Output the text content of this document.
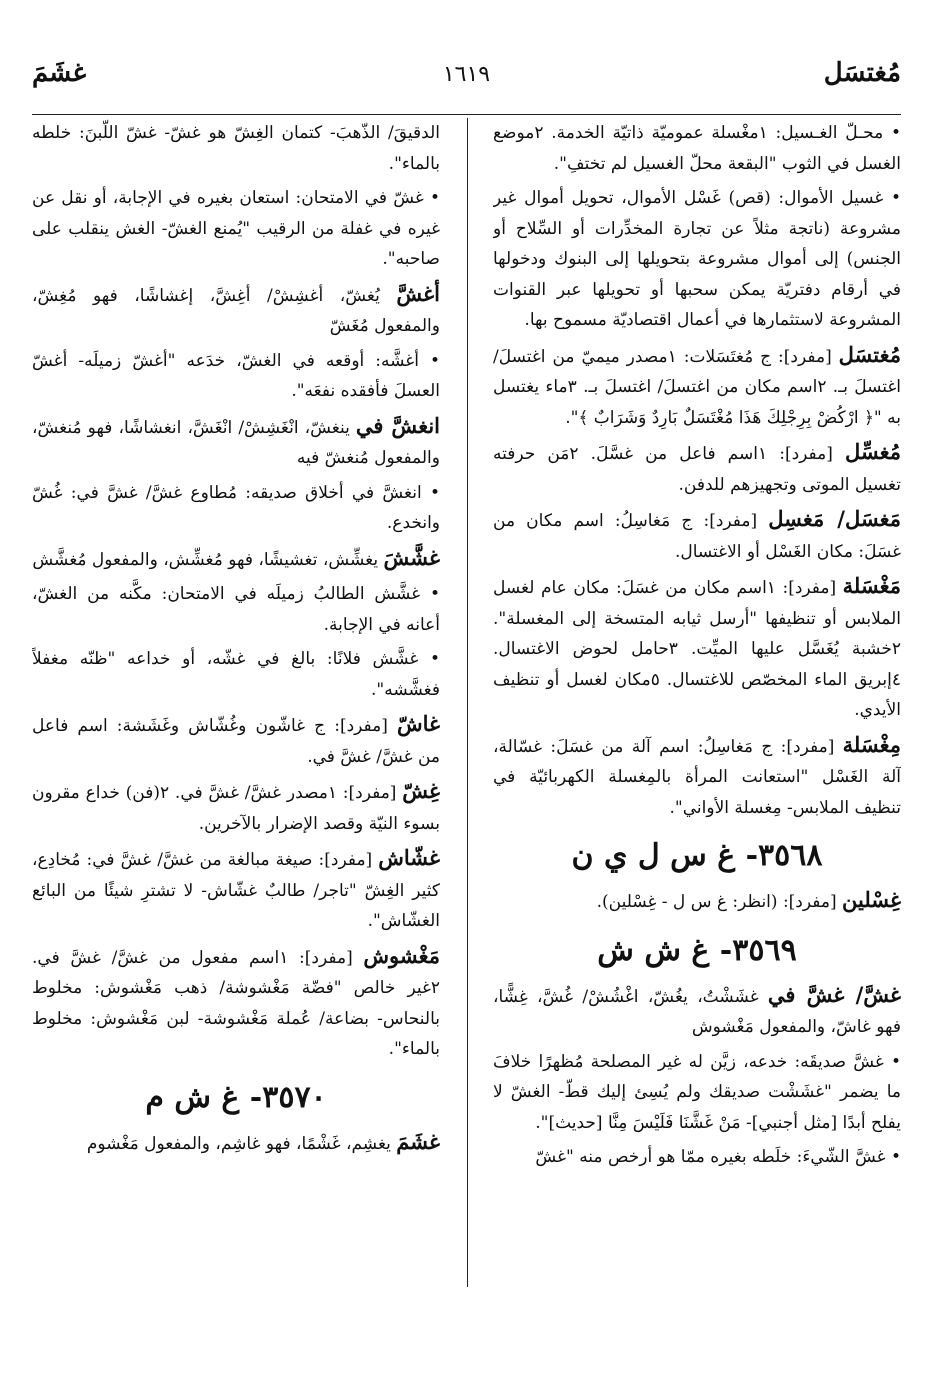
مُغتسَل
١٦١٩
غشَمَ
• محـلّ الغـسيل: ١مغْسلة عموميّة ذاتيّة الخدمة. ٢موضع الغسل في الثوب "البقعة محلّ الغسيل لم تختفِ".
• غسيل الأموال: (قص) غَسْل الأموال، تحويل أموال غير مشروعة (ناتجة مثلاً عن تجارة المخدِّرات أو السِّلاح أو الجنس) إلى أموال مشروعة بتحويلها إلى البنوك ودخولها في أرقام دفتريّة يمكن سحبها أو تحويلها عبر القنوات المشروعة لاستثمارها في أعمال اقتصاديّة مسموح بها.
مُغتسَل [مفرد]: ج مُغتَسَلات: ١مصدر ميميّ من اغتسلَ/ اغتسلَ بـ. ٢اسم مكان من اغتسلَ/ اغتسلَ بـ. ٣ماء يغتسل به "﴿ ارْكُضْ بِرِجْلِكَ هَذَا مُغْتَسَلٌ بَارِدٌ وَشَرَابٌ ﴾".
مُغسِّل [مفرد]: ١اسم فاعل من غسَّلَ. ٢مَن حرفته تغسيل الموتى وتجهيزهم للدفن.
مَغسَل/ مَغسِل [مفرد]: ج مَغاسِلُ: اسم مكان من غسَلَ: مكان الغَسْل أو الاغتسال.
مَغْسَلة [مفرد]: ١اسم مكان من غسَلَ: مكان عام لغسل الملابس أو تنظيفها "أرسل ثيابه المتسخة إلى المغسلة". ٢خشبة يُغَسَّل عليها الميِّت. ٣حامل لحوض الاغتسال. ٤إبريق الماء المخصّص للاغتسال. ٥مكان لغسل أو تنظيف الأيدي.
مِغْسَلة [مفرد]: ج مَغاسِلُ: اسم آلة من غسَلَ: غسّالة، آلة الغَسْل "استعانت المرأة بالمِغسلة الكهربائيّة في تنظيف الملابس- مِغسلة الأواني".
٣٥٦٨- غ س ل ي ن
غِسْلين [مفرد]: (انظر: غ س ل - غِسْلين).
٣٥٦٩- غ ش ش
غشَّ/ غشَّ في غشَشْتُ، يغُشّ، اغْشُشْ/ غُشَّ، غِشًّا، فهو غاشّ، والمفعول مَغْشوش
• غشَّ صديقَه: خدعه، زيَّن له غير المصلحة مُظهرًا خلافَ ما يضمر "غشَشْت صديقك ولم يُسِئ إليك قطّ- الغشّ لا يفلح أبدًا [مثل أجنبي]- مَنْ غَشَّنَا فَلَيْسَ مِنَّا [حديث]".
• غشَّ الشّيءَ: خلَطه بغيره ممّا هو أرخص منه "غشّ
الدقيقَ/ الذّهبَ- كتمان الغِشّ هو غشّ- غشّ اللّبنَ: خلطه بالماء".
• غشّ في الامتحان: استعان بغيره في الإجابة، أو نقل عن غيره في غفلة من الرقيب "يُمنع الغشّ- الغش ينقلب على صاحبه".
أغشَّ يُغشّ، أغشِشْ/ أغِشَّ، إغشاشًا، فهو مُغِشّ، والمفعول مُغَشّ
• أغشَّه: أوقعه في الغشّ، خدَعه "أغشّ زميلَه- أغشّ العسلَ فأفقده نفعَه".
انغشَّ في ينغشّ، انْغَشِشْ/ انْغَشَّ، انغشاشًا، فهو مُنغشّ، والمفعول مُنغشّ فيه
• انغشَّ في أخلاق صديقه: مُطاوع غشَّ/ غشَّ في: غُشّ وانخدع.
غشَّشَ يغشِّش، تغشيشًا، فهو مُغشِّش، والمفعول مُغشَّش
• غشَّش الطالبُ زميلَه في الامتحان: مكَّنه من الغشّ، أعانه في الإجابة.
• غشَّش فلانًا: بالغ في غشّه، أو خداعه "ظنّه مغفلاً فغشَّشه".
غاشّ [مفرد]: ج غاشّون وغُشّاش وغَشَشة: اسم فاعل من غشَّ/ غشَّ في.
غِشّ [مفرد]: ١مصدر غشَّ/ غشَّ في. ٢(فن) خداع مقرون بسوء النيّة وقصد الإضرار بالآخرين.
غشّاش [مفرد]: صيغة مبالغة من غشَّ/ غشَّ في: مُخادِع، كثير الغِشّ "تاجر/ طالبٌ غشّاش- لا تشترِ شيئًا من البائع الغشّاش".
مَغْشوش [مفرد]: ١اسم مفعول من غشَّ/ غشَّ في. ٢غير خالص "فضّة مَغْشوشة/ ذهب مَغْشوش: مخلوط بالنحاس- بضاعة/ عُملة مَغْشوشة- لبن مَغْشوش: مخلوط بالماء".
٣٥٧٠- غ ش م
غشَمَ يغشِم، غَشْمًا، فهو غاشِم، والمفعول مَغْشوم
